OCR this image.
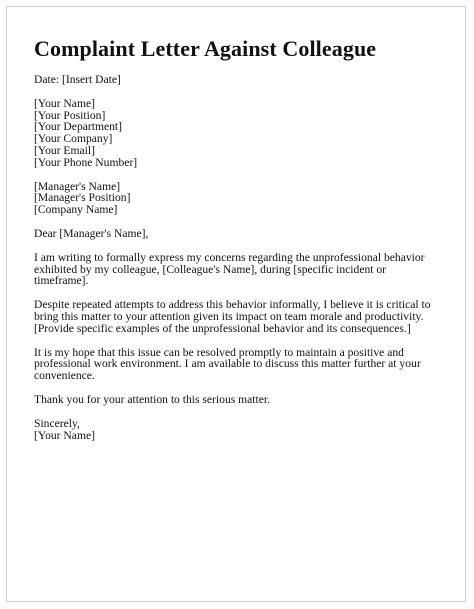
Complaint Letter Against Colleague
Date: [Insert Date]
[Your Name]
[Your Position]
[Your Department]
[Your Company]
[Your Email]
[Your Phone Number]
[Manager's Name]
[Manager's Position]
[Company Name]
Dear [Manager's Name],

I am writing to formally express my concerns regarding the unprofessional behavior exhibited by my colleague, [Colleague's Name], during [specific incident or timeframe].

Despite repeated attempts to address this behavior informally, I believe it is critical to bring this matter to your attention given its impact on team morale and productivity. [Provide specific examples of the unprofessional behavior and its consequences.]

It is my hope that this issue can be resolved promptly to maintain a positive and professional work environment. I am available to discuss this matter further at your convenience.

Thank you for your attention to this serious matter.

Sincerely,
[Your Name]
